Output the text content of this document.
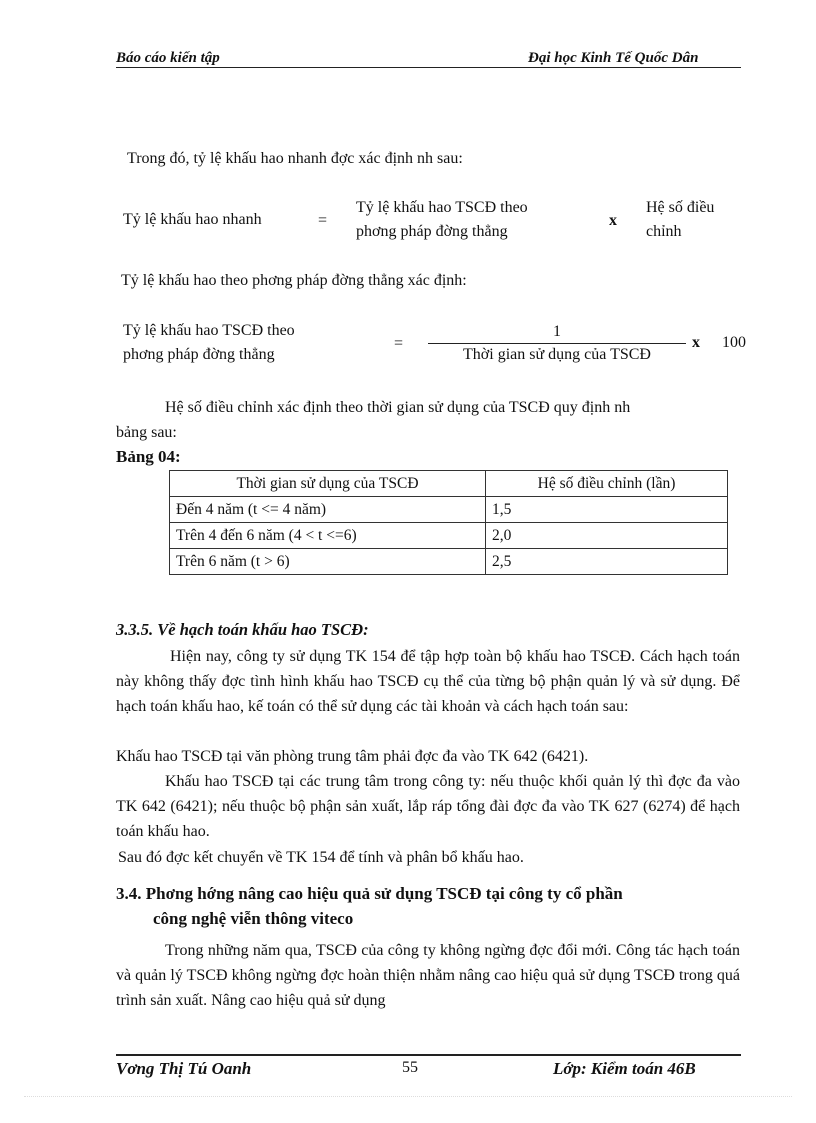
Báo cáo kiến tập	Đại học Kinh Tế Quốc Dân
Trong đó, tỷ lệ khấu hao nhanh đợc xác định nh sau:
Tỷ lệ khấu hao nhanh	=
Tỷ lệ khấu hao TSCĐ theo
phơng pháp đờng thẳng
x
Hệ số điều
chỉnh
Tỷ lệ khấu hao theo phơng pháp đờng thẳng xác định:
Tỷ lệ khấu hao TSCĐ theo
phơng pháp đờng thẳng
=
1
Thời gian sử dụng của TSCĐ
x 100
Hệ số điều chỉnh xác định theo thời gian sử dụng của TSCĐ quy định nh
bảng sau:
Bảng 04:
Thời gian sử dụng của TSCĐ	Hệ số điều chỉnh (lần)
Đến 4 năm (t <= 4 năm)	1,5
Trên 4 đến 6 năm (4 < t <=6)	2,0
Trên 6 năm (t > 6)	2,5
3.3.5. Về hạch toán khấu hao TSCĐ:
Hiện nay, công ty sử dụng TK 154 để tập hợp toàn bộ khấu hao TSCĐ. Cách hạch toán này không thấy đợc tình hình khấu hao TSCĐ cụ thể của từng bộ phận quản lý và sử dụng. Để hạch toán khấu hao, kế toán có thể sử dụng các tài khoản và cách hạch toán sau:
Khấu hao TSCĐ tại văn phòng trung tâm phải đợc đa vào TK 642 (6421).
Khấu hao TSCĐ tại các trung tâm trong công ty: nếu thuộc khối quản lý thì đợc đa vào TK 642 (6421); nếu thuộc bộ phận sản xuất, lắp ráp tổng đài đợc đa vào TK 627 (6274) để hạch toán khấu hao.
Sau đó đợc kết chuyển về TK 154 để tính và phân bổ khấu hao.
3.4. Phơng hớng nâng cao hiệu quả sử dụng TSCĐ tại công ty cổ phần
công nghệ viễn thông viteco
Trong những năm qua, TSCĐ của công ty không ngừng đợc đổi mới. Công tác hạch toán và quản lý TSCĐ không ngừng đợc hoàn thiện nhằm nâng cao hiệu quả sử dụng TSCĐ trong quá trình sản xuất. Nâng cao hiệu quả sử dụng
Vơng Thị Tú Oanh	55	Lớp: Kiểm toán 46B
